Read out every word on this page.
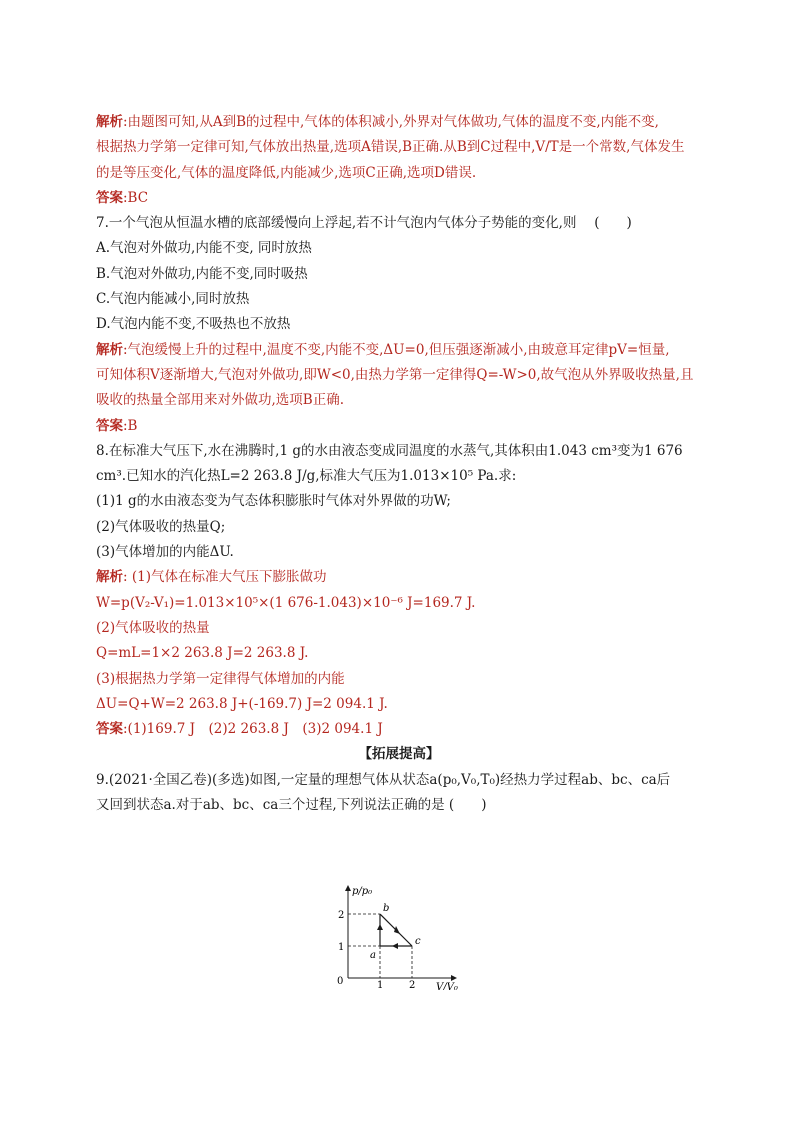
解析:由题图可知,从A到B的过程中,气体的体积减小,外界对气体做功,气体的温度不变,内能不变,
根据热力学第一定律可知,气体放出热量,选项A错误,B正确.从B到C过程中,V/T是一个常数,气体发生
的是等压变化,气体的温度降低,内能减少,选项C正确,选项D错误.
答案:BC
7.一个气泡从恒温水槽的底部缓慢向上浮起,若不计气泡内气体分子势能的变化,则 　(　　)
A.气泡对外做功,内能不变, 同时放热
B.气泡对外做功,内能不变,同时吸热
C.气泡内能减小,同时放热
D.气泡内能不变,不吸热也不放热
解析:气泡缓慢上升的过程中,温度不变,内能不变,ΔU=0,但压强逐渐减小,由玻意耳定律pV=恒量,
可知体积V逐渐增大,气泡对外做功,即W<0,由热力学第一定律得Q=-W>0,故气泡从外界吸收热量,且
吸收的热量全部用来对外做功,选项B正确.
答案:B
8.在标准大气压下,水在沸腾时,1 g的水由液态变成同温度的水蒸气,其体积由1.043 cm³变为1 676
cm³.已知水的汽化热L=2 263.8 J/g,标准大气压为1.013×10⁵ Pa.求:
(1)1 g的水由液态变为气态体积膨胀时气体对外界做的功W;
(2)气体吸收的热量Q;
(3)气体增加的内能ΔU.
解析: (1)气体在标准大气压下膨胀做功
W=p(V₂-V₁)=1.013×10⁵×(1 676-1.043)×10⁻⁶ J=169.7 J.
(2)气体吸收的热量
Q=mL=1×2 263.8 J=2 263.8 J.
(3)根据热力学第一定律得气体增加的内能
ΔU=Q+W=2 263.8 J+(-169.7) J=2 094.1 J.
答案:(1)169.7 J　(2)2 263.8 J　(3)2 094.1 J
【拓展提高】
9.(2021·全国乙卷)(多选)如图,一定量的理想气体从状态a(p₀,V₀,T₀)经热力学过程ab、bc、ca后
又回到状态a.对于ab、bc、ca三个过程,下列说法正确的是 (　　)
p/p₀
V/V₀
0
1
2
1	2
a
b
c
